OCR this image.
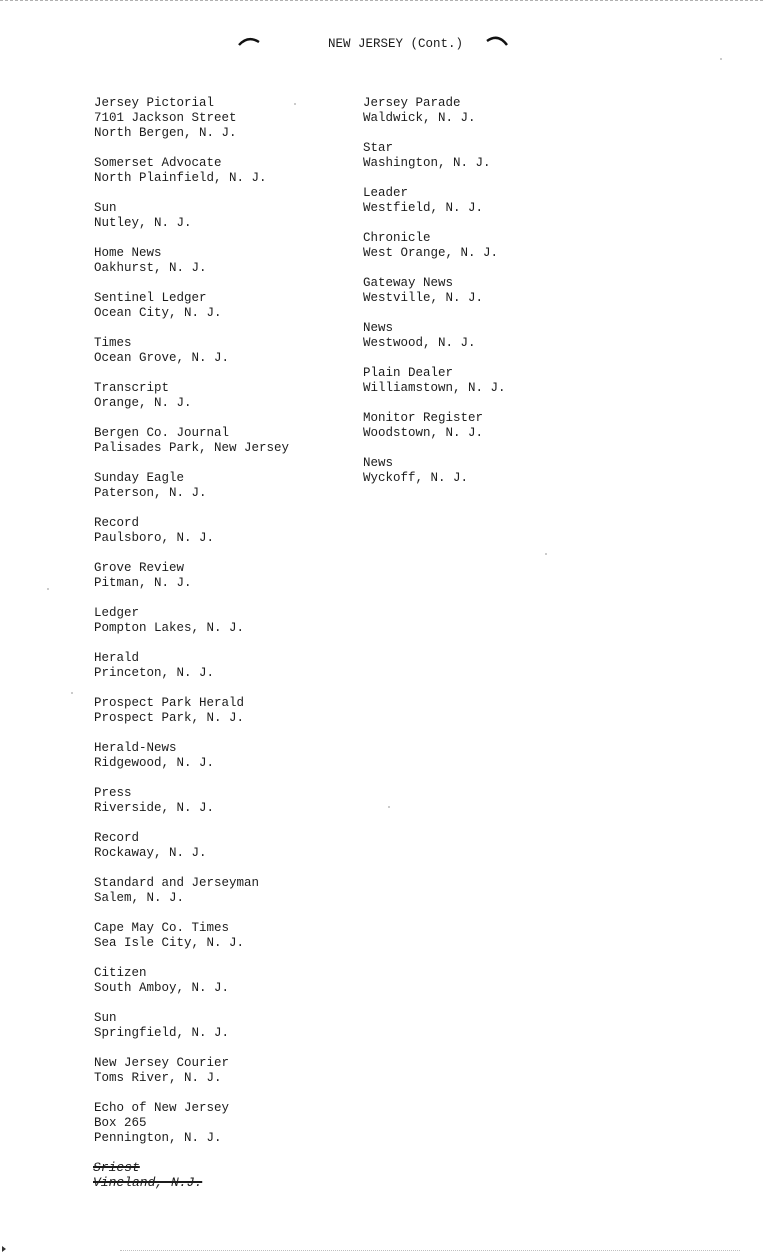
NEW JERSEY (Cont.)
Jersey Pictorial
7101 Jackson Street
North Bergen, N. J.
Somerset Advocate
North Plainfield, N. J.
Sun
Nutley, N. J.
Home News
Oakhurst, N. J.
Sentinel Ledger
Ocean City, N. J.
Times
Ocean Grove, N. J.
Transcript
Orange, N. J.
Bergen Co. Journal
Palisades Park, New Jersey
Sunday Eagle
Paterson, N. J.
Record
Paulsboro, N. J.
Grove Review
Pitman, N. J.
Ledger
Pompton Lakes, N. J.
Herald
Princeton, N. J.
Prospect Park Herald
Prospect Park, N. J.
Herald-News
Ridgewood, N. J.
Press
Riverside, N. J.
Record
Rockaway, N. J.
Standard and Jerseyman
Salem, N. J.
Cape May Co. Times
Sea Isle City, N. J.
Citizen
South Amboy, N. J.
Sun
Springfield, N. J.
New Jersey Courier
Toms River, N. J.
Echo of New Jersey
Box 265
Pennington, N. J.
Jersey Parade
Waldwick, N. J.
Star
Washington, N. J.
Leader
Westfield, N. J.
Chronicle
West Orange, N. J.
Gateway News
Westville, N. J.
News
Westwood, N. J.
Plain Dealer
Williamstown, N. J.
Monitor Register
Woodstown, N. J.
News
Wyckoff, N. J.
Sriest
Vineland, N.J.
